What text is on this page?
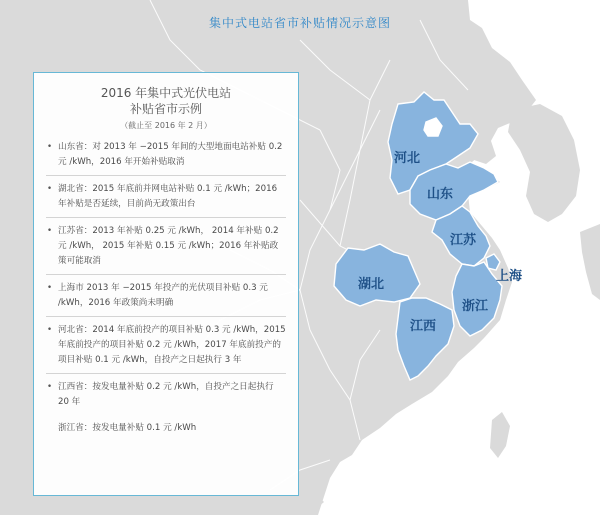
河北
山东
江苏
上海
湖北
浙江
江西
集中式电站省市补贴情况示意图
2016 年集中式光伏电站
补贴省市示例
（截止至 2016 年 2 月）
• 山东省：对 2013 年 −2015 年间的大型地面电站补贴 0.2 元 /kWh，2016 年开始补贴取消
• 湖北省：2015 年底前并网电站补贴 0.1 元 /kWh；2016 年补贴是否延续，目前尚无政策出台
• 江苏省：2013 年补贴 0.25 元 /kWh， 2014 年补贴 0.2 元 /kWh， 2015 年补贴 0.15 元 /kWh；2016 年补贴政策可能取消
• 上海市 2013 年 −2015 年投产的光伏项目补贴 0.3 元 /kWh，2016 年政策尚未明确
• 河北省：2014 年底前投产的项目补贴 0.3 元 /kWh，2015 年底前投产的项目补贴 0.2 元 /kWh，2017 年底前投产的项目补贴 0.1 元 /kWh，自投产之日起执行 3 年
• 江西省：按发电量补贴 0.2 元 /kWh，自投产之日起执行 20 年
浙江省：按发电量补贴 0.1 元 /kWh
